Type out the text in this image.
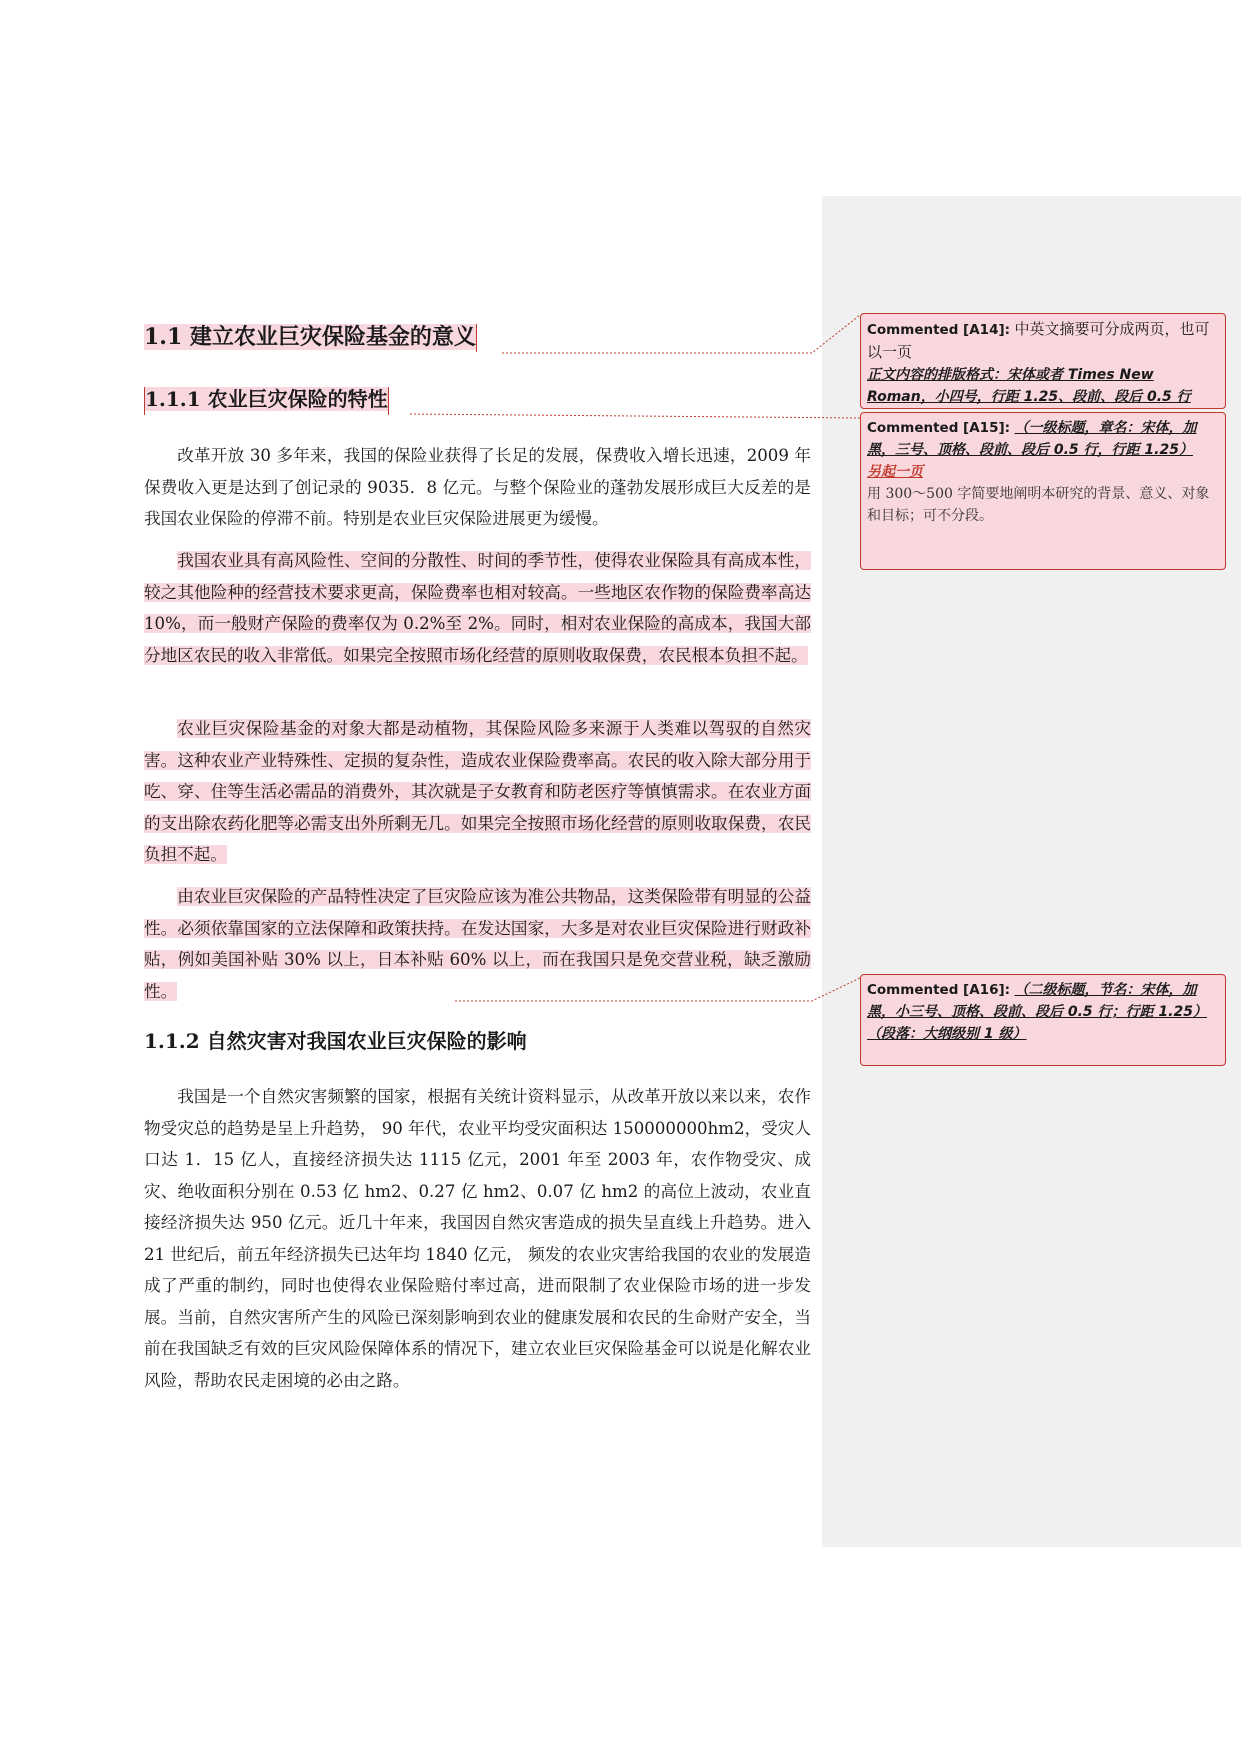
1.1 建立农业巨灾保险基金的意义
1.1.1 农业巨灾保险的特性

改革开放 30 多年来，我国的保险业获得了长足的发展，保费收入增长迅速，2009 年保费收入更是达到了创记录的 9035．8 亿元。与整个保险业的蓬勃发展形成巨大反差的是我国农业保险的停滞不前。特别是农业巨灾保险进展更为缓慢。

我国农业具有高风险性、空间的分散性、时间的季节性，使得农业保险具有高成本性，较之其他险种的经营技术要求更高，保险费率也相对较高。一些地区农作物的保险费率高达 10%，而一般财产保险的费率仅为 0.2%至 2%。同时，相对农业保险的高成本，我国大部分地区农民的收入非常低。如果完全按照市场化经营的原则收取保费，农民根本负担不起。

农业巨灾保险基金的对象大都是动植物，其保险风险多来源于人类难以驾驭的自然灾害。这种农业产业特殊性、定损的复杂性，造成农业保险费率高。农民的收入除大部分用于吃、穿、住等生活必需品的消费外，其次就是子女教育和防老医疗等慎慎需求。在农业方面的支出除农药化肥等必需支出外所剩无几。如果完全按照市场化经营的原则收取保费，农民负担不起。

由农业巨灾保险的产品特性决定了巨灾险应该为准公共物品，这类保险带有明显的公益性。必须依靠国家的立法保障和政策扶持。在发达国家，大多是对农业巨灾保险进行财政补贴，例如美国补贴 30% 以上，日本补贴 60% 以上，而在我国只是免交营业税，缺乏激励性。

1.1.2 自然灾害对我国农业巨灾保险的影响

我国是一个自然灾害频繁的国家，根据有关统计资料显示，从改革开放以来以来，农作物受灾总的趋势是呈上升趋势， 90 年代，农业平均受灾面积达 150000000hm2，受灾人口达 1．15 亿人，直接经济损失达 1115 亿元，2001 年至 2003 年，农作物受灾、成灾、绝收面积分别在 0.53 亿 hm2、0.27 亿 hm2、0.07 亿 hm2 的高位上波动，农业直接经济损失达 950 亿元。近几十年来，我国因自然灾害造成的损失呈直线上升趋势。进入 21 世纪后，前五年经济损失已达年均 1840 亿元， 频发的农业灾害给我国的农业的发展造成了严重的制约，同时也使得农业保险赔付率过高，进而限制了农业保险市场的进一步发展。当前，自然灾害所产生的风险已深刻影响到农业的健康发展和农民的生命财产安全，当前在我国缺乏有效的巨灾风险保障体系的情况下，建立农业巨灾保险基金可以说是化解农业风险，帮助农民走困境的必由之路。

Commented [A14]: 中英文摘要可分成两页，也可以一页
正文内容的排版格式：宋体或者 Times New Roman，小四号，行距 1.25、段前、段后 0.5 行
Commented [A15]: （一级标题，章名：宋体，加黑，三号、顶格、段前、段后 0.5 行，行距 1.25）
另起一页
用 300～500 字简要地阐明本研究的背景、意义、对象和目标；可不分段。
Commented [A16]: （二级标题，节名：宋体，加黑，小三号、顶格、段前、段后 0.5 行；行距 1.25）（段落：大纲级别 1 级）
